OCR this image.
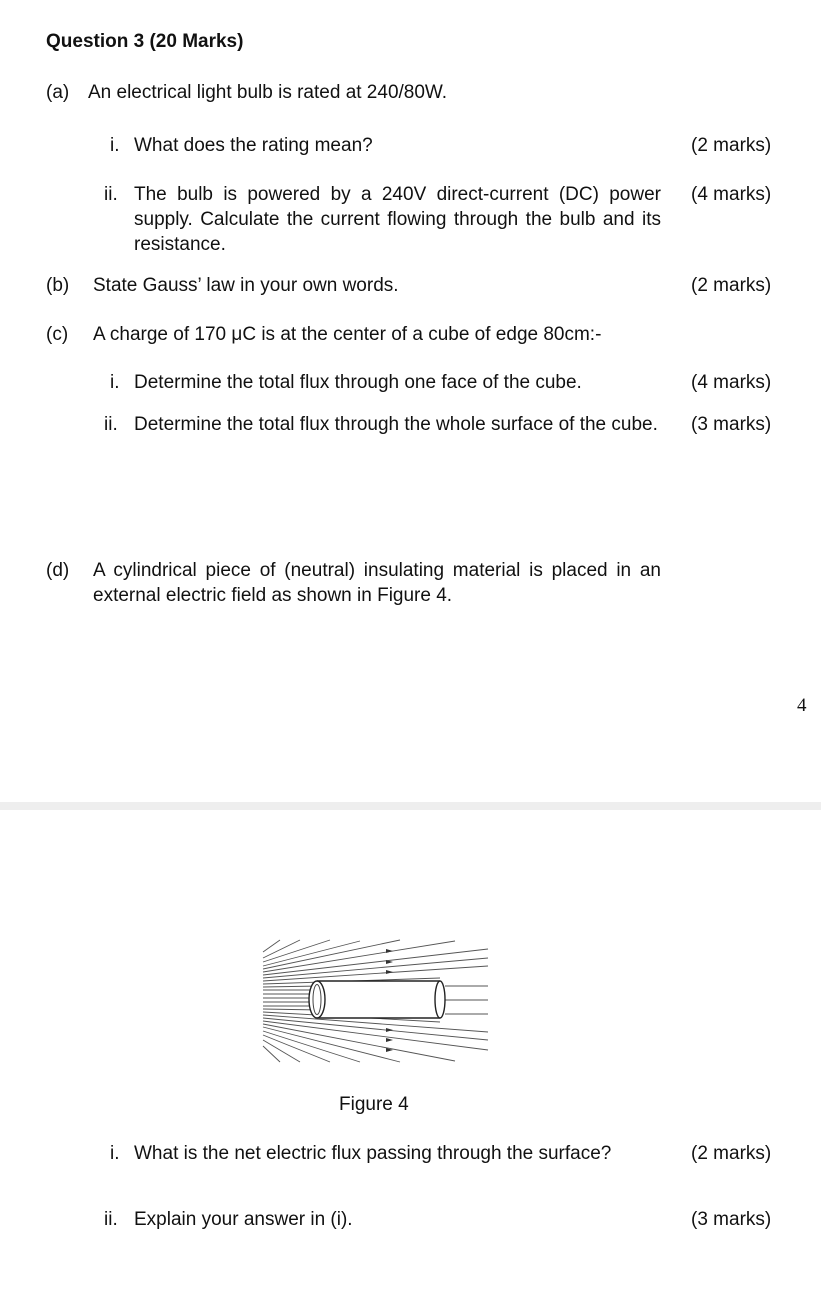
Question 3 (20 Marks)
(a) An electrical light bulb is rated at 240/80W.
i. What does the rating mean?	(2 marks)
ii. The bulb is powered by a 240V direct-current (DC) power supply. Calculate the current flowing through the bulb and its resistance.
(4 marks)
(b) State Gauss’ law in your own words.	(2 marks)
(c) A charge of 170 μC is at the center of a cube of edge 80cm:-
i. Determine the total flux through one face of the cube.	(4 marks)
ii. Determine the total flux through the whole surface of the cube. (3 marks)
(d) A cylindrical piece of (neutral) insulating material is placed in an external electric field as shown in Figure 4.
4
Figure 4
i. What is the net electric flux passing through the surface?	(2 marks)
ii. Explain your answer in (i).	(3 marks)
